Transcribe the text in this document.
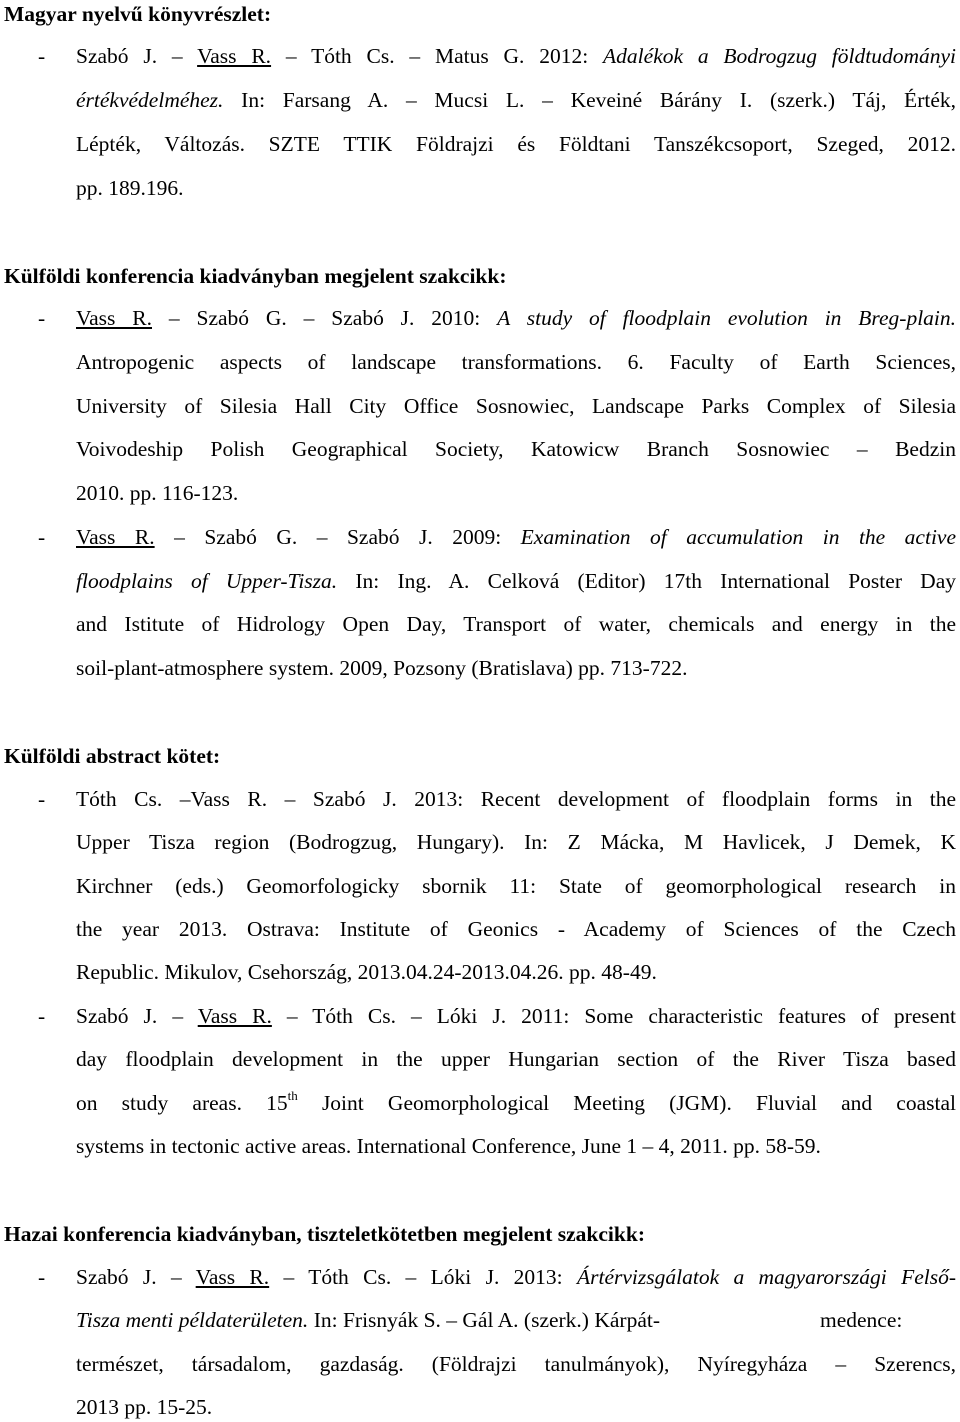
Magyar nyelvű könyvrészlet:
- Szabó J. – Vass R. – Tóth Cs. – Matus G. 2012: Adalékok a Bodrogzug földtudományi
értékvédelméhez. In: Farsang A. – Mucsi L. – Keveiné Bárány I. (szerk.) Táj, Érték,
Lépték, Változás. SZTE TTIK Földrajzi és Földtani Tanszékcsoport, Szeged, 2012.
pp. 189.196.
Külföldi konferencia kiadványban megjelent szakcikk:
- Vass R. – Szabó G. – Szabó J. 2010: A study of floodplain evolution in Breg-plain.
Antropogenic aspects of landscape transformations. 6. Faculty of Earth Sciences,
University of Silesia Hall City Office Sosnowiec, Landscape Parks Complex of Silesia
Voivodeship Polish Geographical Society, Katowicw Branch Sosnowiec – Bedzin
2010. pp. 116-123.
- Vass R. – Szabó G. – Szabó J. 2009: Examination of accumulation in the active
floodplains of Upper-Tisza. In: Ing. A. Celková (Editor) 17th International Poster Day
and Istitute of Hidrology Open Day, Transport of water, chemicals and energy in the
soil-plant-atmosphere system. 2009, Pozsony (Bratislava) pp. 713-722.
Külföldi abstract kötet:
- Tóth Cs. –Vass R. – Szabó J. 2013: Recent development of floodplain forms in the
Upper Tisza region (Bodrogzug, Hungary). In: Z Mácka, M Havlicek, J Demek, K
Kirchner (eds.) Geomorfologicky sbornik 11: State of geomorphological research in
the year 2013. Ostrava: Institute of Geonics - Academy of Sciences of the Czech
Republic. Mikulov, Csehország, 2013.04.24-2013.04.26. pp. 48-49.
- Szabó J. – Vass R. – Tóth Cs. – Lóki J. 2011: Some characteristic features of present
day floodplain development in the upper Hungarian section of the River Tisza based
on study areas. 15th Joint Geomorphological Meeting (JGM). Fluvial and coastal
systems in tectonic active areas. International Conference, June 1 – 4, 2011. pp. 58-59.
Hazai konferencia kiadványban, tiszteletkötetben megjelent szakcikk:
- Szabó J. – Vass R. – Tóth Cs. – Lóki J. 2013: Ártérvizsgálatok a magyarországi Felső-
Tisza menti példaterületen. In: Frisnyák S. – Gál A. (szerk.) Kárpát-	medence:
természet, társadalom, gazdaság. (Földrajzi tanulmányok), Nyíregyháza – Szerencs,
2013 pp. 15-25.
